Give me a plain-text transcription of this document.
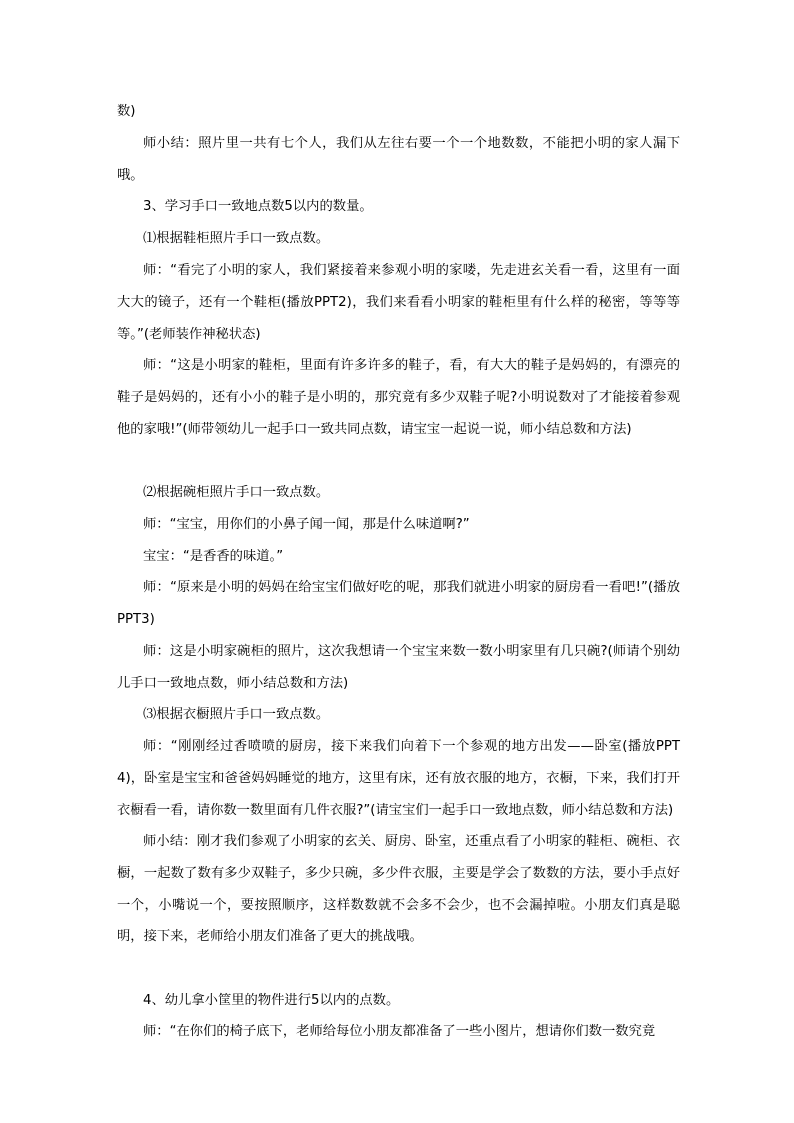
数)

师小结：照片里一共有七个人，我们从左往右要一个一个地数数，不能把小明的家人漏下哦。

3、学习手口一致地点数5以内的数量。

⑴根据鞋柜照片手口一致点数。

师：“看完了小明的家人，我们紧接着来参观小明的家喽，先走进玄关看一看，这里有一面大大的镜子，还有一个鞋柜(播放PPT2)，我们来看看小明家的鞋柜里有什么样的秘密，等等等等。”(老师装作神秘状态)

师：“这是小明家的鞋柜，里面有许多许多的鞋子，看，有大大的鞋子是妈妈的，有漂亮的鞋子是妈妈的，还有小小的鞋子是小明的，那究竟有多少双鞋子呢?小明说数对了才能接着参观他的家哦!”(师带领幼儿一起手口一致共同点数，请宝宝一起说一说，师小结总数和方法)

⑵根据碗柜照片手口一致点数。

师：“宝宝，用你们的小鼻子闻一闻，那是什么味道啊?”

宝宝：“是香香的味道。”

师：“原来是小明的妈妈在给宝宝们做好吃的呢，那我们就进小明家的厨房看一看吧!”(播放PPT3)

师：这是小明家碗柜的照片，这次我想请一个宝宝来数一数小明家里有几只碗?(师请个别幼儿手口一致地点数，师小结总数和方法)

⑶根据衣橱照片手口一致点数。

师：“刚刚经过香喷喷的厨房，接下来我们向着下一个参观的地方出发——卧室(播放PPT4)，卧室是宝宝和爸爸妈妈睡觉的地方，这里有床，还有放衣服的地方，衣橱，下来，我们打开衣橱看一看，请你数一数里面有几件衣服?”(请宝宝们一起手口一致地点数，师小结总数和方法)

师小结：刚才我们参观了小明家的玄关、厨房、卧室，还重点看了小明家的鞋柜、碗柜、衣橱，一起数了数有多少双鞋子，多少只碗，多少件衣服，主要是学会了数数的方法，要小手点好一个，小嘴说一个，要按照顺序，这样数数就不会多不会少，也不会漏掉啦。小朋友们真是聪明，接下来，老师给小朋友们准备了更大的挑战哦。

4、幼儿拿小筐里的物件进行5以内的点数。

师：“在你们的椅子底下，老师给每位小朋友都准备了一些小图片，想请你们数一数究竟
